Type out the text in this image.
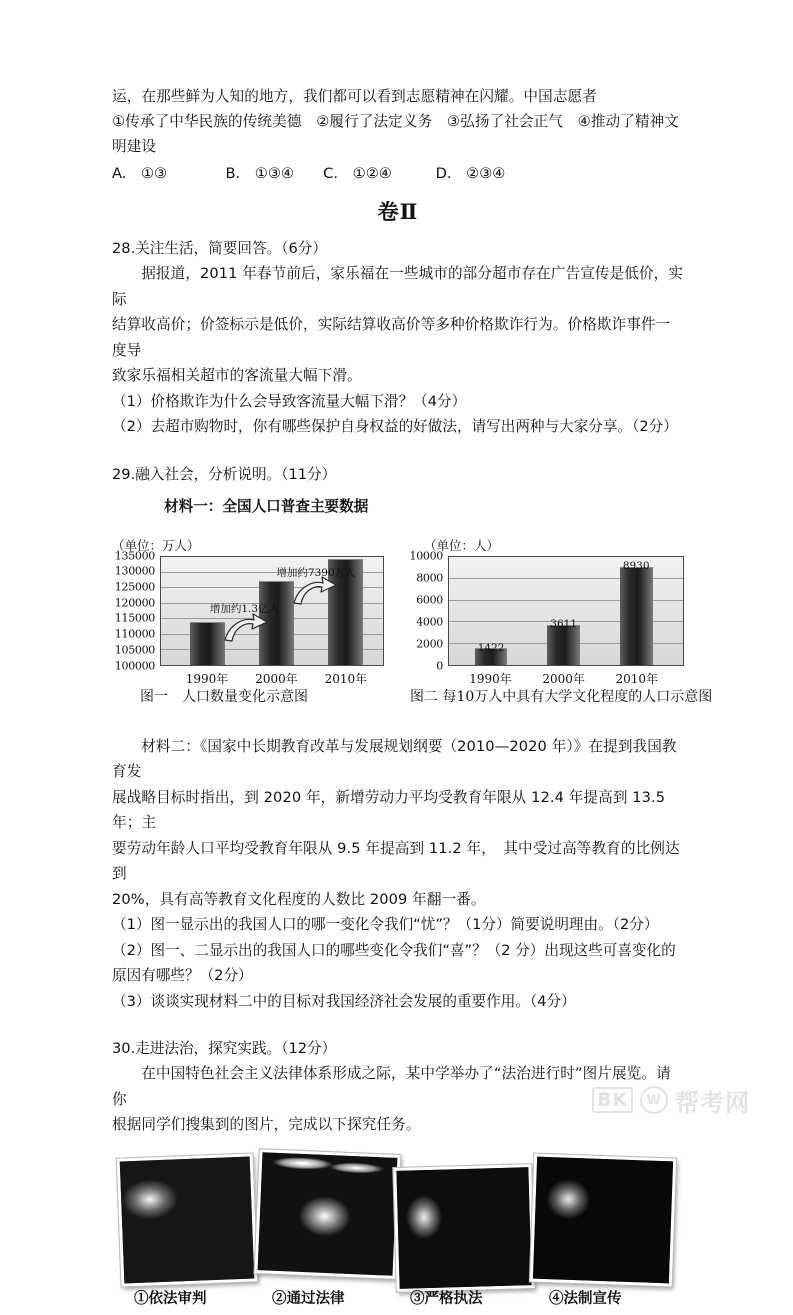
运，在那些鲜为人知的地方，我们都可以看到志愿精神在闪耀。中国志愿者
①传承了中华民族的传统美德　②履行了法定义务　③弘扬了社会正气　④推动了精神文
明建设
A.　①③　　　　B.　①③④　　C.　①②④　　　D.　②③④
卷Ⅱ
28.关注生活，简要回答。（6分）
据报道，2011 年春节前后，家乐福在一些城市的部分超市存在广告宣传是低价，实际
结算收高价；价签标示是低价，实际结算收高价等多种价格欺诈行为。价格欺诈事件一度导
致家乐福相关超市的客流量大幅下滑。
（1）价格欺诈为什么会导致客流量大幅下滑？（4分）
（2）去超市购物时，你有哪些保护自身权益的好做法，请写出两种与大家分享。（2分）
29.融入社会，分析说明。（11分）
材料一：全国人口普查主要数据
（单位：万人）
135000
130000
125000
120000
115000
110000
105000
100000
增加约1.3亿人
增加约7390万人
1990年 2000年 2010年
（单位：人）
10000
8000
6000
4000
2000
0
1422
3611
8930
1990年	2000年	2010年
图一　人口数量变化示意图	图二 每10万人中具有大学文化程度的人口示意图
材料二：《国家中长期教育改革与发展规划纲要（2010—2020 年）》在提到我国教育发
展战略目标时指出，到 2020 年，新增劳动力平均受教育年限从 12.4 年提高到 13.5 年；主
要劳动年龄人口平均受教育年限从 9.5 年提高到 11.2 年，　其中受过高等教育的比例达到
20%，具有高等教育文化程度的人数比 2009 年翻一番。
（1）图一显示出的我国人口的哪一变化令我们“忧”？（1分）简要说明理由。（2分）
（2）图一、二显示出的我国人口的哪些变化令我们“喜”？（2 分）出现这些可喜变化的
原因有哪些？（2分）
（3）谈谈实现材料二中的目标对我国经济社会发展的重要作用。（4分）
30.走进法治，探究实践。（12分）
在中国特色社会主义法律体系形成之际，某中学举办了“法治进行时”图片展览。请你
根据同学们搜集到的图片，完成以下探究任务。
①依法审判	②通过法律	③严格执法	④法制宣传
BK	W 帮考网
